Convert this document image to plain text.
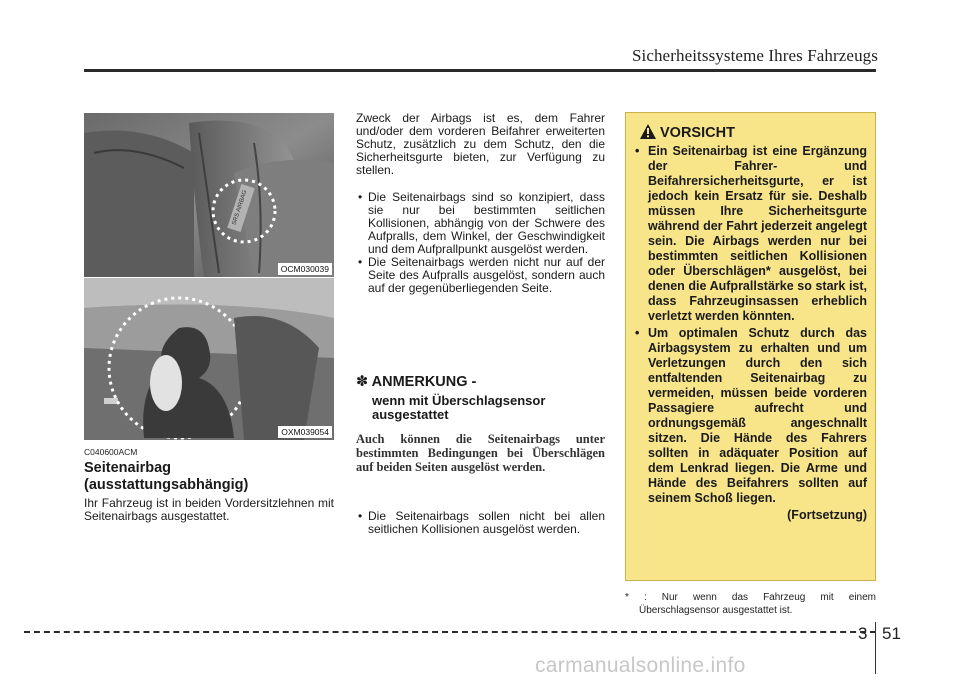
Sicherheitssysteme Ihres Fahrzeugs
SRS AIRBAG
OCM030039
OXM039054
C040600ACM
Seitenairbag
(ausstattungsabhängig)
Ihr Fahrzeug ist in beiden Vordersitzlehnen mit Seitenairbags ausgestattet.

Zweck der Airbags ist es, dem Fahrer und/oder dem vorderen Beifahrer erweiterten Schutz, zusätzlich zu dem Schutz, den die Sicherheitsgurte bieten, zur Verfügung zu stellen.

• Die Seitenairbags sind so konzipiert, dass sie nur bei bestimmten seitlichen Kollisionen, abhängig von der Schwere des Aufpralls, dem Winkel, der Geschwindigkeit und dem Aufprallpunkt ausgelöst werden.
• Die Seitenairbags werden nicht nur auf der Seite des Aufpralls ausgelöst, sondern auch auf der gegenüberliegenden Seite.
✽ ANMERKUNG -
wenn mit Überschlagsensor ausgestattet
Auch können die Seitenairbags unter bestimmten Bedingungen bei Überschlägen auf beiden Seiten ausgelöst werden.
• Die Seitenairbags sollen nicht bei allen seitlichen Kollisionen ausgelöst werden.
VORSICHT
• Ein Seitenairbag ist eine Ergänzung der Fahrer- und Beifahrersicherheitsgurte, er ist jedoch kein Ersatz für sie. Deshalb müssen Ihre Sicherheitsgurte während der Fahrt jederzeit angelegt sein. Die Airbags werden nur bei bestimmten seitlichen Kollisionen oder Überschlägen* ausgelöst, bei denen die Aufprallstärke so stark ist, dass Fahrzeuginsassen erheblich verletzt werden könnten.
• Um optimalen Schutz durch das Airbagsystem zu erhalten und um Verletzungen durch den sich entfaltenden Seitenairbag zu vermeiden, müssen beide vorderen Passagiere aufrecht und ordnungsgemäß angeschnallt sitzen. Die Hände des Fahrers sollten in adäquater Position auf dem Lenkrad liegen. Die Arme und Hände des Beifahrers sollten auf seinem Schoß liegen.
(Fortsetzung)
* : Nur wenn das Fahrzeug mit einem
Überschlagsensor ausgestattet ist.
3 51
carmanualsonline.info
